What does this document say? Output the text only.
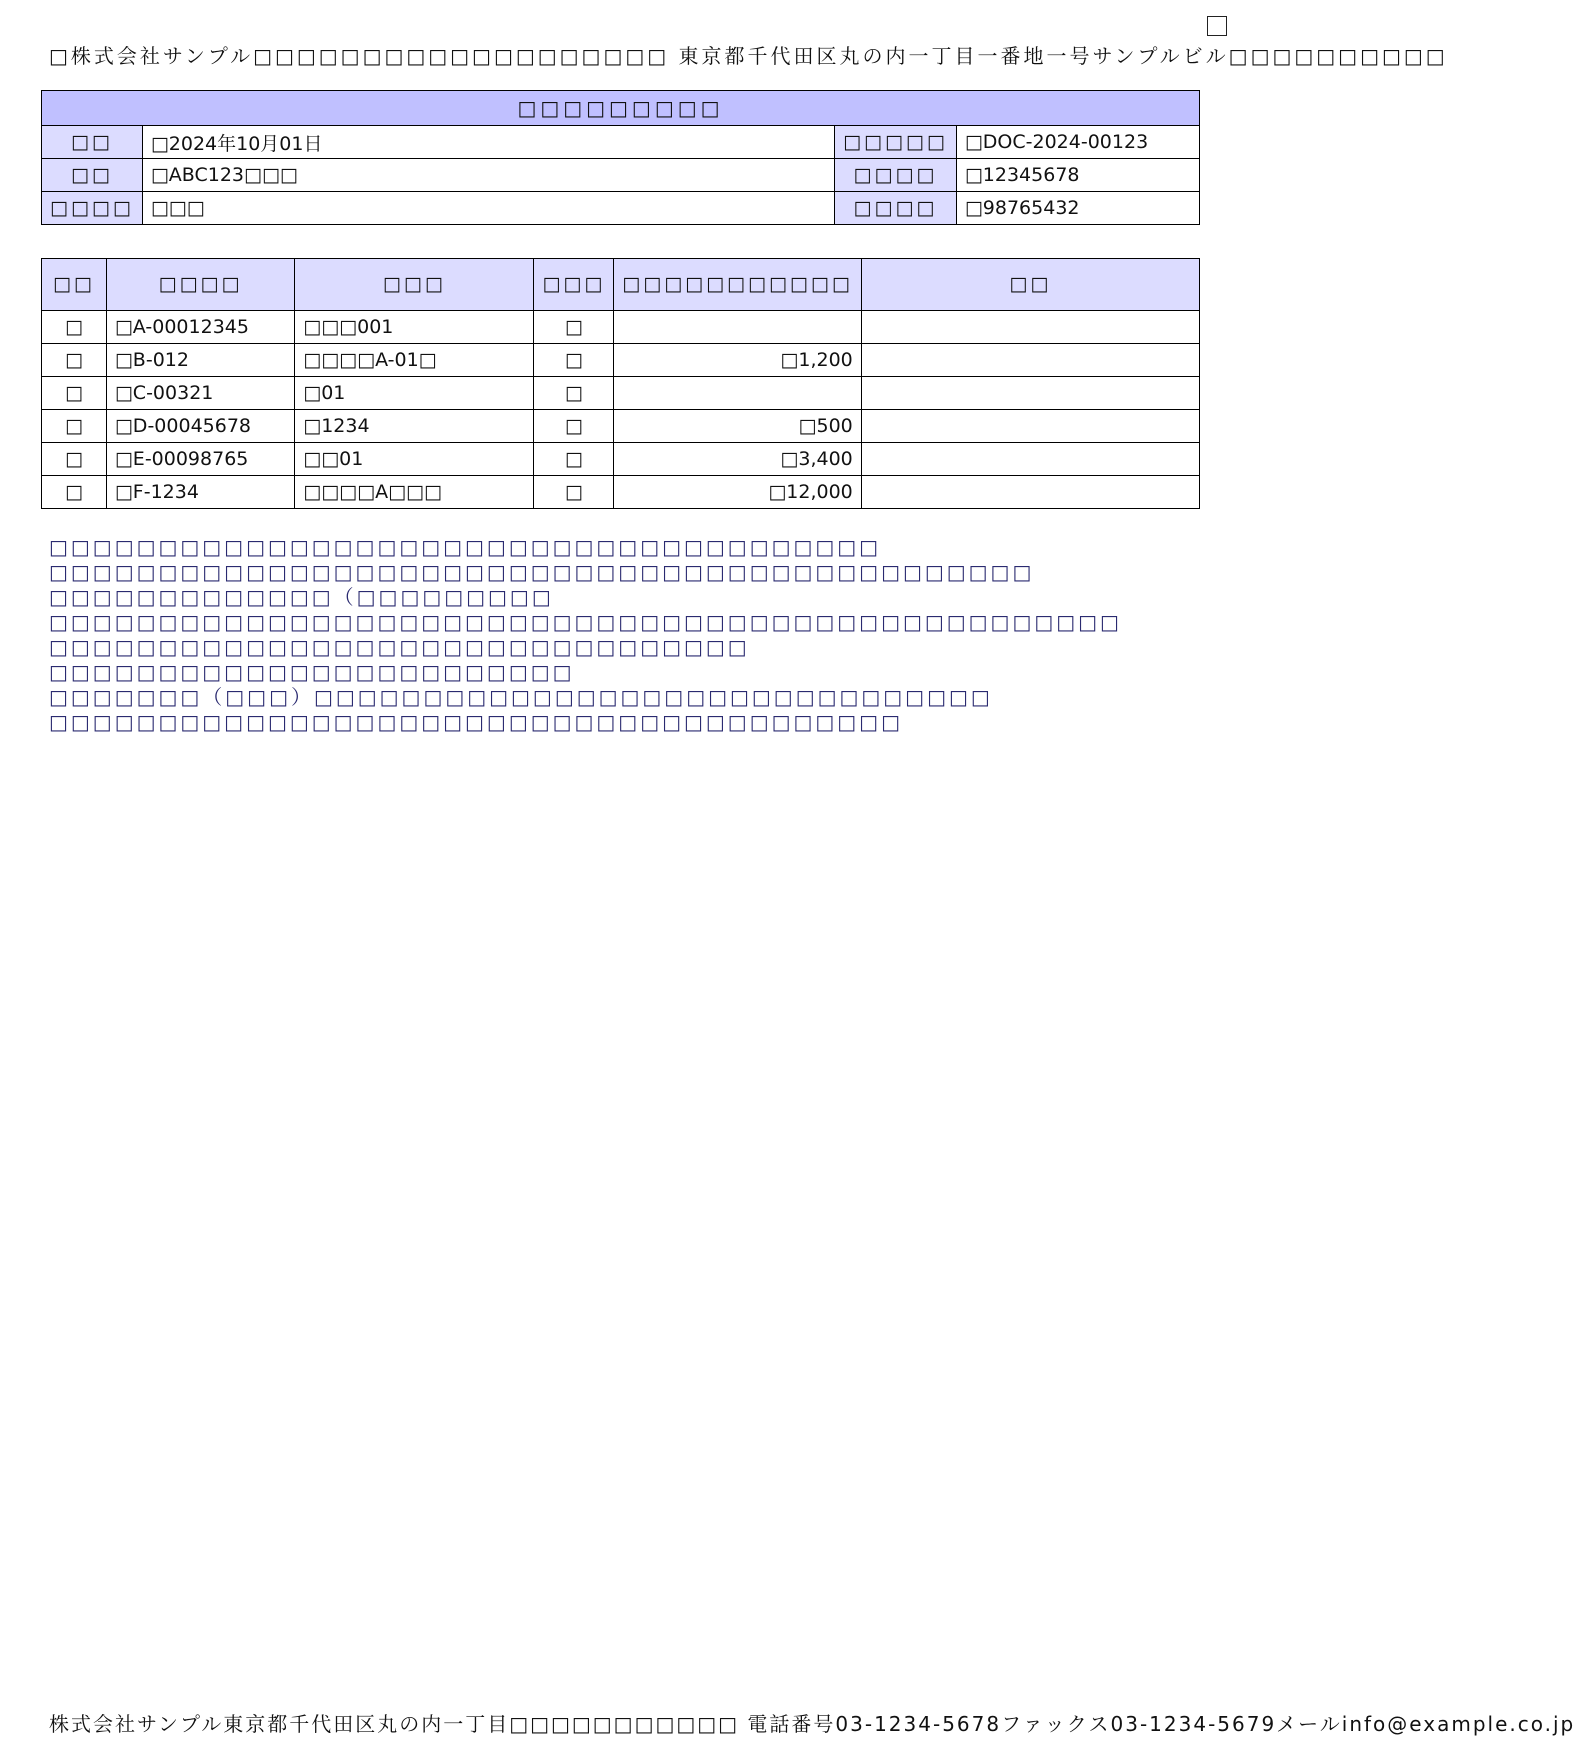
□株式会社サンプル□□□□□□□□□□□□□□□□□□□ 東京都千代田区丸の内一丁目一番地一号サンプルビル□□□□□□□□□□
□□□□□□□□□			
□□	□2024年10月01日	□□□□□	□DOC-2024-00123
□□	□ABC123□□□	□□□□	□12345678
□□□□	□□□	□□□□	□98765432
□□	□□□□	□□□	□□□	□□□□□□□□□□□	□□
□	□A-00012345	□□□001	□		
□	□B-012	□□□□A-01□	□	□1,200	
□	□C-00321	□01	□		
□	□D-00045678	□1234	□	□500	
□	□E-00098765	□□01	□	□3,400	
□	□F-1234	□□□□A□□□	□	□12,000	
□□□□□□□□□□□□□□□□□□□□□□□□□□□□□□□□□□□□□□
□□□□□□□□□□□□□□□□□□□□□□□□□□□□□□□□□□□□□□□□□□□□□
□□□□□□□□□□□□□（□□□□□□□□□
□□□□□□□□□□□□□□□□□□□□□□□□□□□□□□□□□□□□□□□□□□□□□□□□□
□□□□□□□□□□□□□□□□□□□□□□□□□□□□□□□□
□□□□□□□□□□□□□□□□□□□□□□□□
□□□□□□□（□□□）□□□□□□□□□□□□□□□□□□□□□□□□□□□□□□□
□□□□□□□□□□□□□□□□□□□□□□□□□□□□□□□□□□□□□□□
株式会社サンプル東京都千代田区丸の内一丁目□□□□□□□□□□□ 電話番号03-1234-5678ファックス03-1234-5679メールinfo@example.co.jp
